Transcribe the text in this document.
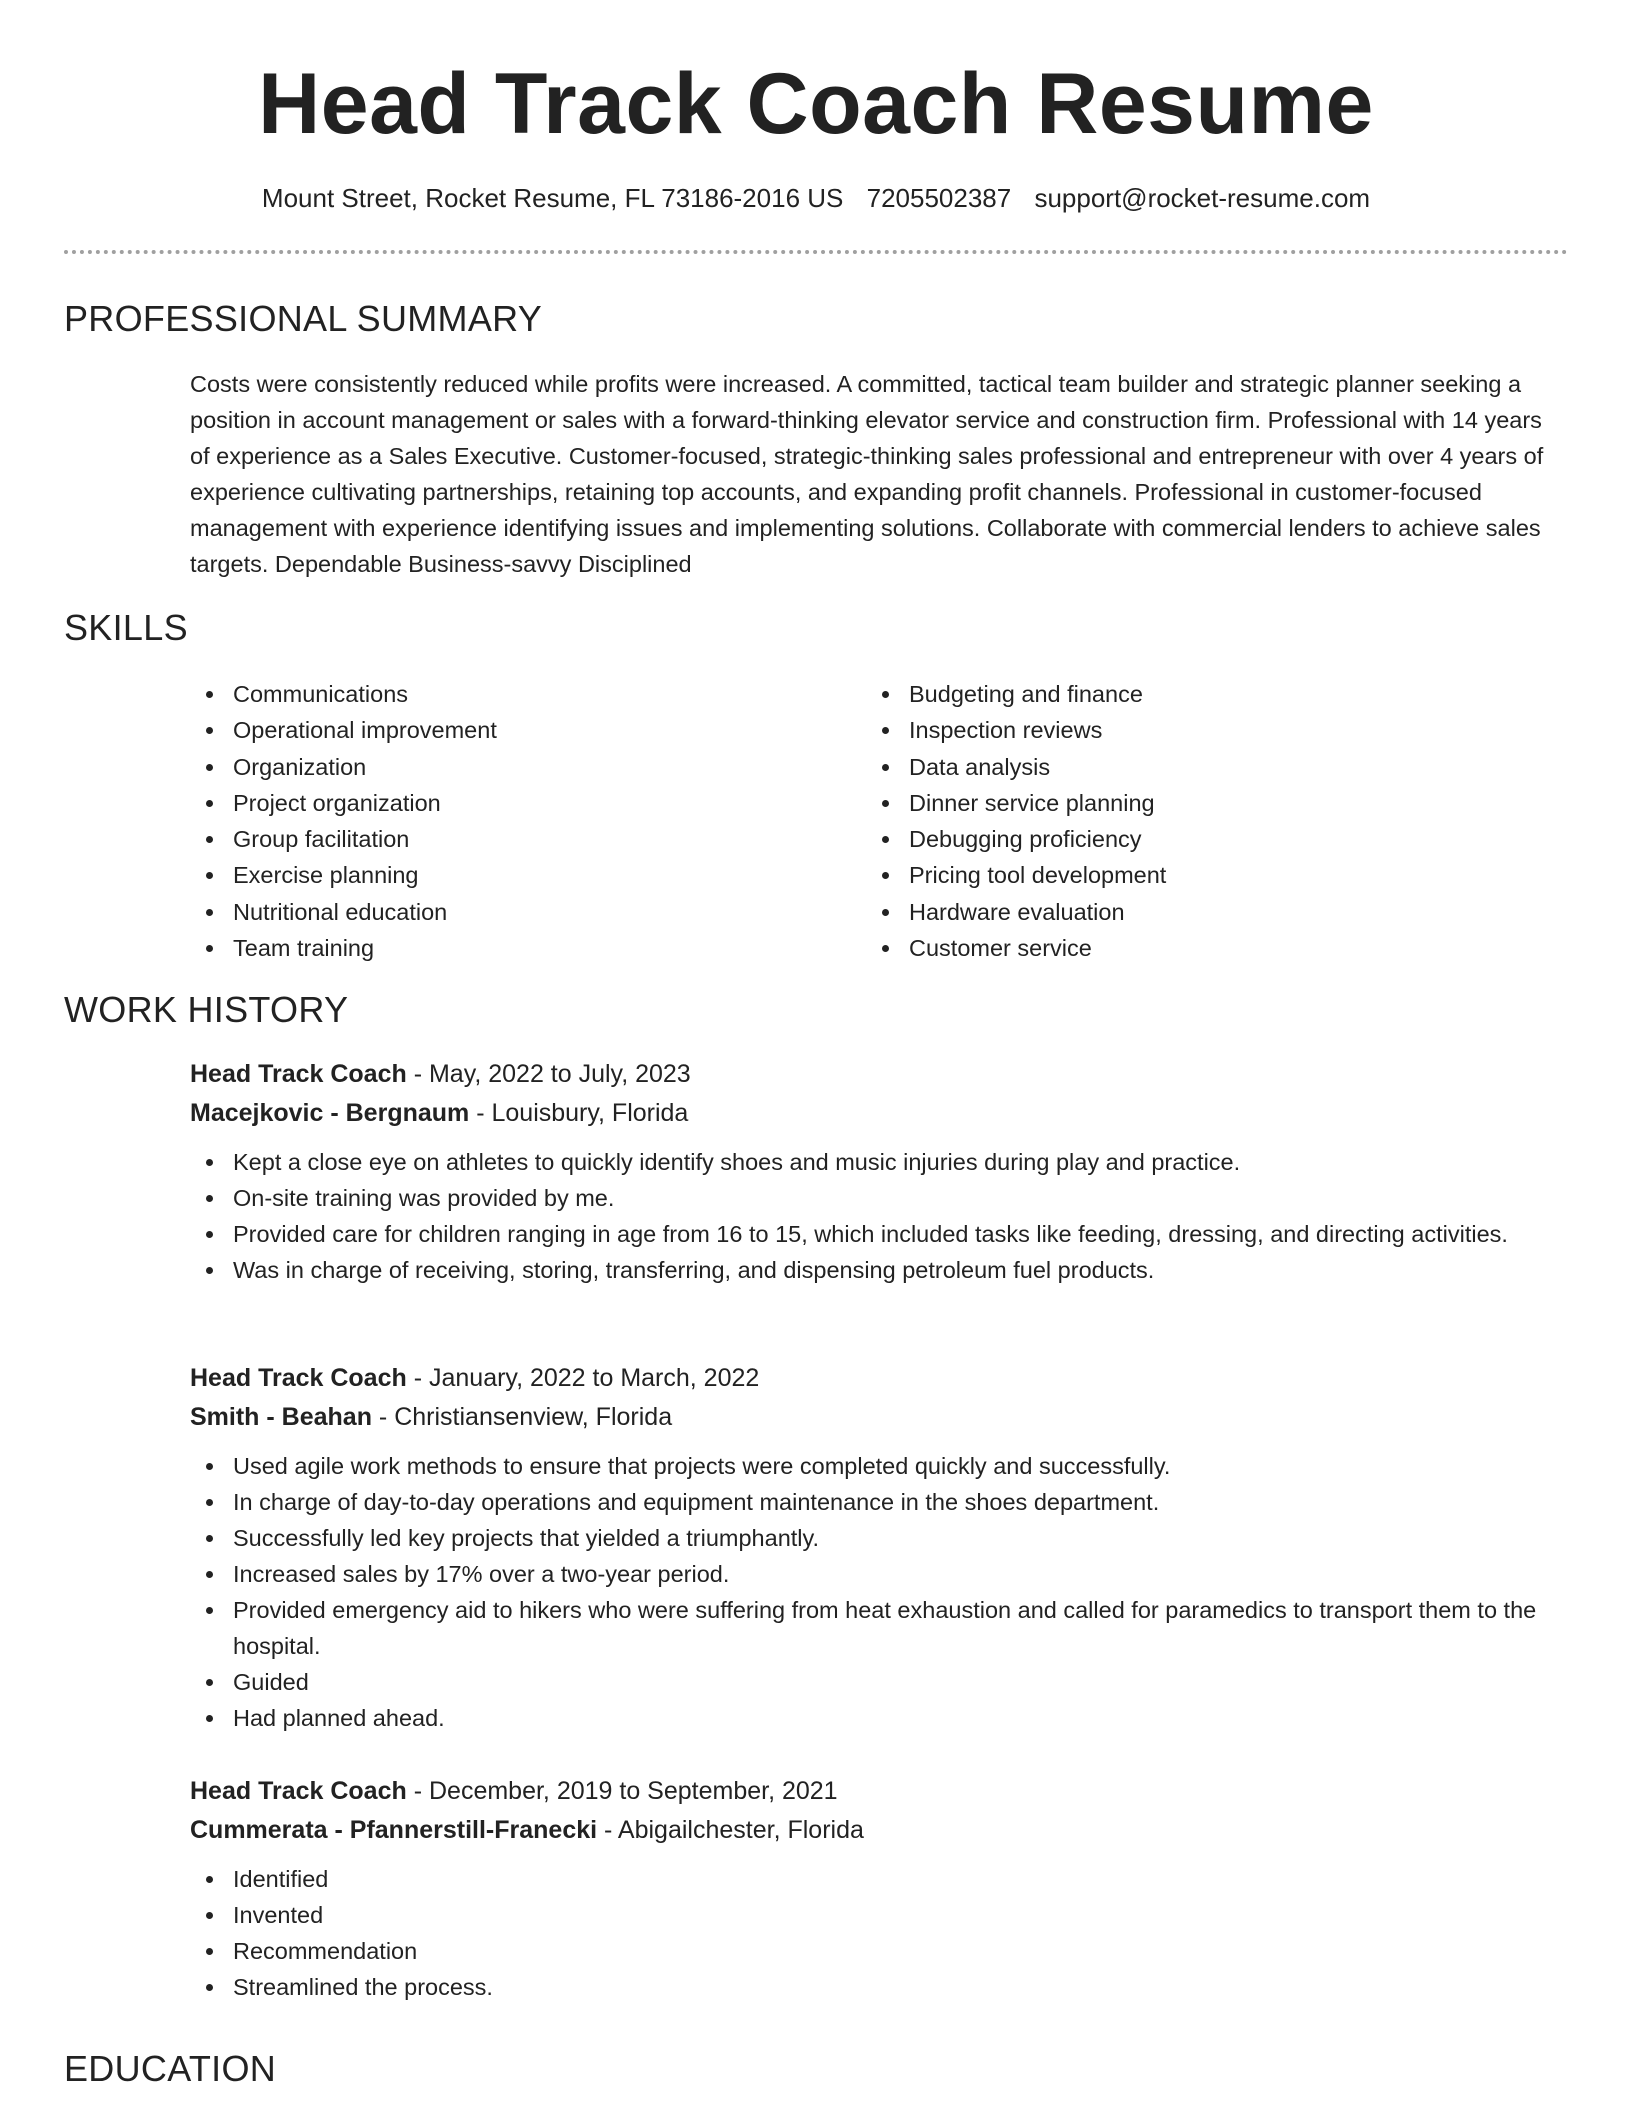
Head Track Coach Resume
Mount Street, Rocket Resume, FL 73186-2016 US 7205502387 support@rocket-resume.com
PROFESSIONAL SUMMARY
Costs were consistently reduced while profits were increased. A committed, tactical team builder and strategic planner seeking a position in account management or sales with a forward-thinking elevator service and construction firm. Professional with 14 years of experience as a Sales Executive. Customer-focused, strategic-thinking sales professional and entrepreneur with over 4 years of experience cultivating partnerships, retaining top accounts, and expanding profit channels. Professional in customer-focused management with experience identifying issues and implementing solutions. Collaborate with commercial lenders to achieve sales targets. Dependable Business-savvy Disciplined
SKILLS
Communications
Operational improvement
Organization
Project organization
Group facilitation
Exercise planning
Nutritional education
Team training
Budgeting and finance
Inspection reviews
Data analysis
Dinner service planning
Debugging proficiency
Pricing tool development
Hardware evaluation
Customer service
WORK HISTORY
Head Track Coach - May, 2022 to July, 2023
Macejkovic - Bergnaum - Louisbury, Florida
Kept a close eye on athletes to quickly identify shoes and music injuries during play and practice.
On-site training was provided by me.
Provided care for children ranging in age from 16 to 15, which included tasks like feeding, dressing, and directing activities.
Was in charge of receiving, storing, transferring, and dispensing petroleum fuel products.
Head Track Coach - January, 2022 to March, 2022
Smith - Beahan - Christiansenview, Florida
Used agile work methods to ensure that projects were completed quickly and successfully.
In charge of day-to-day operations and equipment maintenance in the shoes department.
Successfully led key projects that yielded a triumphantly.
Increased sales by 17% over a two-year period.
Provided emergency aid to hikers who were suffering from heat exhaustion and called for paramedics to transport them to the hospital.
Guided
Had planned ahead.
Head Track Coach - December, 2019 to September, 2021
Cummerata - Pfannerstill-Franecki - Abigailchester, Florida
Identified
Invented
Recommendation
Streamlined the process.
EDUCATION
